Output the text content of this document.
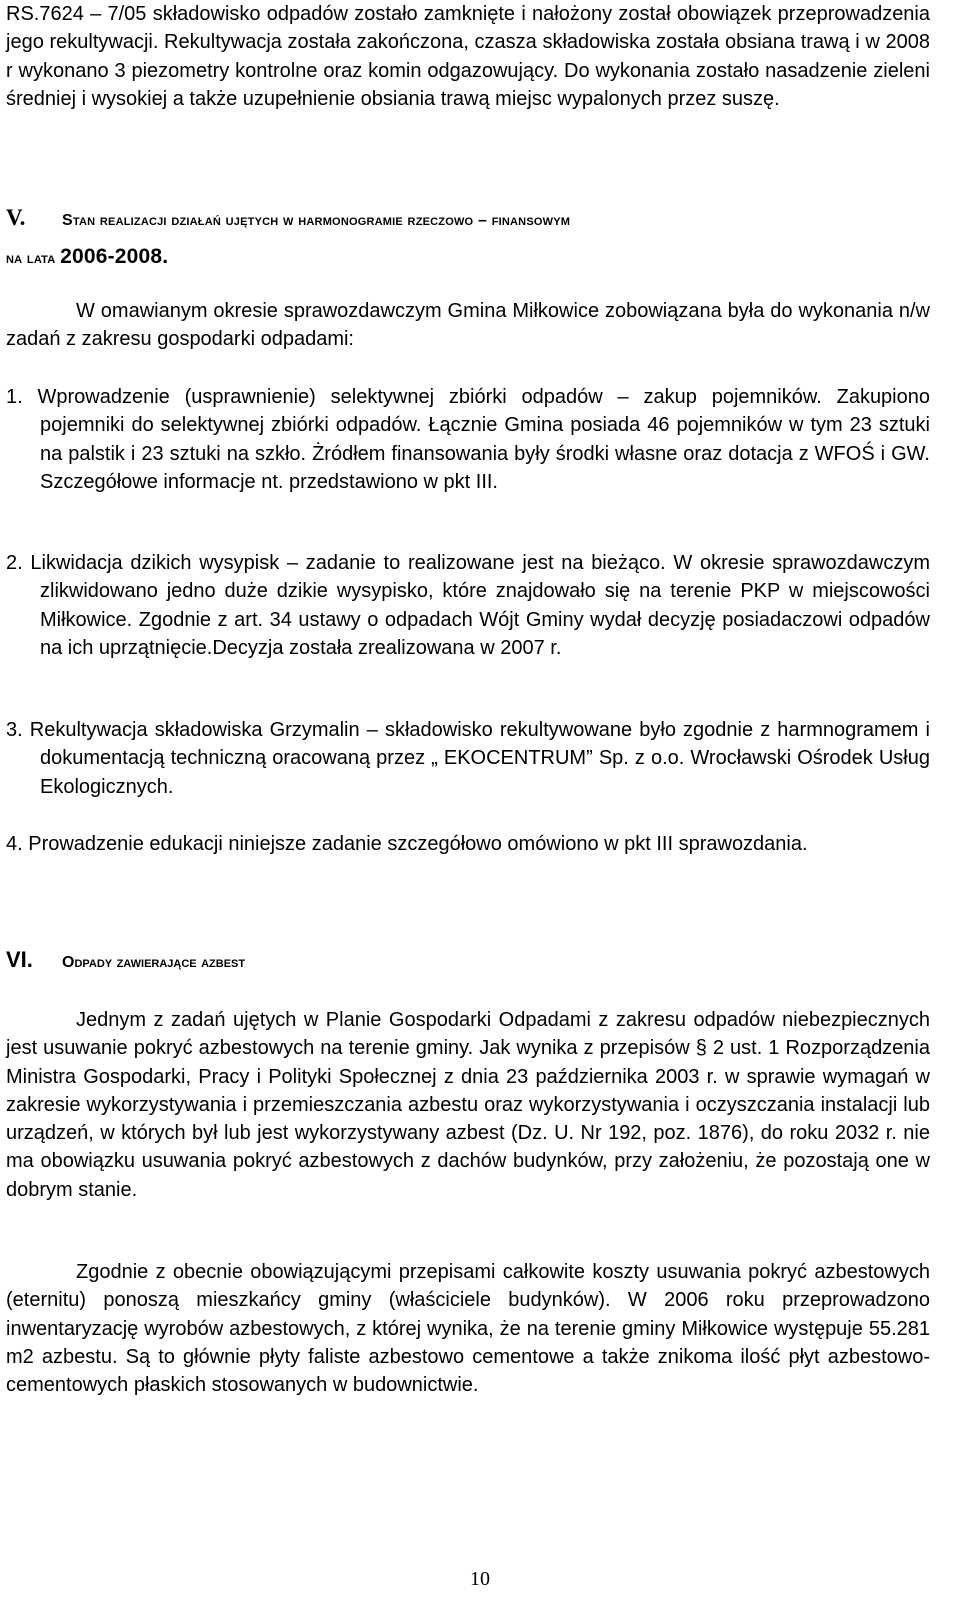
RS.7624 – 7/05 składowisko odpadów zostało zamknięte i nałożony został obowiązek przeprowadzenia jego rekultywacji. Rekultywacja została zakończona, czasza składowiska została obsiana trawą i w 2008 r wykonano 3 piezometry kontrolne oraz komin odgazowujący. Do wykonania zostało nasadzenie zieleni średniej i wysokiej a także uzupełnienie obsiania trawą miejsc wypalonych przez suszę.

V. Stan realizacji działań ujętych w harmonogramie rzeczowo – finansowym
na lata 2006-2008.

W omawianym okresie sprawozdawczym Gmina Miłkowice zobowiązana była do wykonania n/w zadań z zakresu gospodarki odpadami:

1. Wprowadzenie (usprawnienie) selektywnej zbiórki odpadów – zakup pojemników. Zakupiono pojemniki do selektywnej zbiórki odpadów. Łącznie Gmina posiada 46 pojemników w tym 23 sztuki na palstik i 23 sztuki na szkło. Żródłem finansowania były środki własne oraz dotacja z WFOŚ i GW. Szczegółowe informacje nt. przedstawiono w pkt III.

2. Likwidacja dzikich wysypisk – zadanie to realizowane jest na bieżąco. W okresie sprawozdawczym zlikwidowano jedno duże dzikie wysypisko, które znajdowało się na terenie PKP w miejscowości Miłkowice. Zgodnie z art. 34 ustawy o odpadach Wójt Gminy wydał decyzję posiadaczowi odpadów na ich uprzątnięcie.Decyzja została zrealizowana w 2007 r.

3. Rekultywacja składowiska Grzymalin – składowisko rekultywowane było zgodnie z harmnogramem i dokumentacją techniczną oracowaną przez „ EKOCENTRUM” Sp. z o.o. Wrocławski Ośrodek Usług Ekologicznych.

4. Prowadzenie edukacji niniejsze zadanie szczegółowo omówiono w pkt III sprawozdania.

VI. Odpady zawierające azbest

Jednym z zadań ujętych w Planie Gospodarki Odpadami z zakresu odpadów niebezpiecznych jest usuwanie pokryć azbestowych na terenie gminy. Jak wynika z przepisów § 2 ust. 1 Rozporządzenia Ministra Gospodarki, Pracy i Polityki Społecznej z dnia 23 października 2003 r. w sprawie wymagań w zakresie wykorzystywania i przemieszczania azbestu oraz wykorzystywania i oczyszczania instalacji lub urządzeń, w których był lub jest wykorzystywany azbest (Dz. U. Nr 192, poz. 1876), do roku 2032 r. nie ma obowiązku usuwania pokryć azbestowych z dachów budynków, przy założeniu, że pozostają one w dobrym stanie.

Zgodnie z obecnie obowiązującymi przepisami całkowite koszty usuwania pokryć azbestowych (eternitu) ponoszą mieszkańcy gminy (właściciele budynków). W 2006 roku przeprowadzono inwentaryzację wyrobów azbestowych, z której wynika, że na terenie gminy Miłkowice występuje 55.281 m2 azbestu. Są to głównie płyty faliste azbestowo cementowe a także znikoma ilość płyt azbestowo-cementowych płaskich stosowanych w budownictwie.

10
